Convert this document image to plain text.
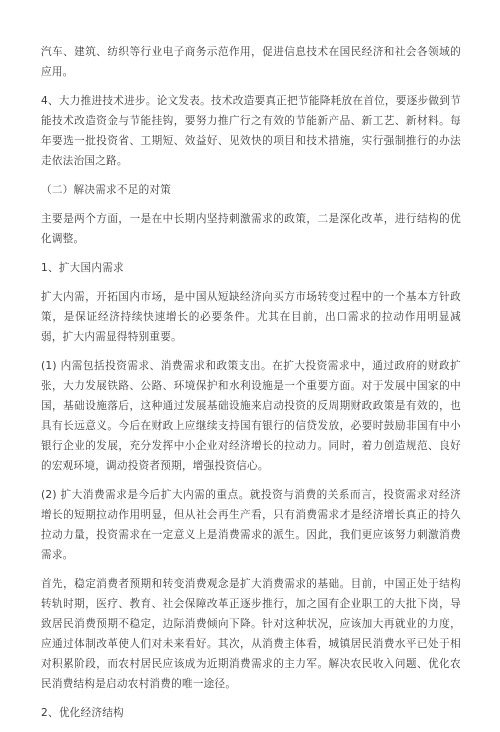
汽车、建筑、纺织等行业电子商务示范作用，促进信息技术在国民经济和社会各领域的应用。

4、大力推进技术进步。论文发表。技术改造要真正把节能降耗放在首位，要逐步做到节能技术改造资金与节能挂钩，要努力推广行之有效的节能新产品、新工艺、新材料。每年要选一批投资省、工期短、效益好、见效快的项目和技术措施，实行强制推行的办法走依法治国之路。

（二）解决需求不足的对策

主要是两个方面，一是在中长期内坚持刺激需求的政策，二是深化改革，进行结构的优化调整。

1、扩大国内需求

扩大内需，开拓国内市场，是中国从短缺经济向买方市场转变过程中的一个基本方针政策，是保证经济持续快速增长的必要条件。尤其在目前，出口需求的拉动作用明显减弱，扩大内需显得特别重要。

(1) 内需包括投资需求、消费需求和政策支出。在扩大投资需求中，通过政府的财政扩张，大力发展铁路、公路、环境保护和水利设施是一个重要方面。对于发展中国家的中国，基础设施落后，这种通过发展基础设施来启动投资的反周期财政政策是有效的，也具有长远意义。今后在财政上应继续支持国有银行的信贷发放，必要时鼓励非国有中小银行企业的发展，充分发挥中小企业对经济增长的拉动力。同时，着力创造规范、良好的宏观环境，调动投资者预期，增强投资信心。

(2) 扩大消费需求是今后扩大内需的重点。就投资与消费的关系而言，投资需求对经济增长的短期拉动作用明显，但从社会再生产看，只有消费需求才是经济增长真正的持久拉动力量，投资需求在一定意义上是消费需求的派生。因此，我们更应该努力刺激消费需求。

首先，稳定消费者预期和转变消费观念是扩大消费需求的基础。目前，中国正处于结构转轨时期，医疗、教育、社会保障改革正逐步推行，加之国有企业职工的大批下岗，导致居民消费预期不稳定，边际消费倾向下降。针对这种状况，应该加大再就业的力度，应通过体制改革使人们对未来看好。其次，从消费主体看，城镇居民消费水平已处于相对积累阶段，而农村居民应该成为近期消费需求的主力军。解决农民收入问题、优化农民消费结构是启动农村消费的唯一途径。

2、优化经济结构
